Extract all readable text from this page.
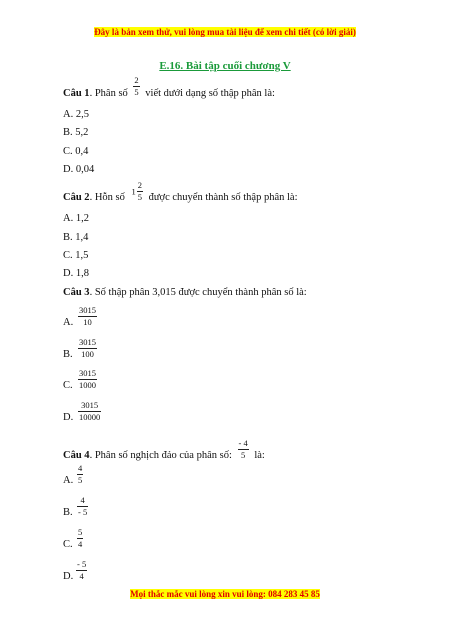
Đây là bản xem thử, vui lòng mua tài liệu để xem chi tiết (có lời giải)
E.16. Bài tập cuối chương V
Câu 1. Phân số $\frac{2}{5}$ viết dưới dạng số thập phân là:
A. 2,5
B. 5,2
C. 0,4
D. 0,04
Câu 2. Hỗn số $1 \frac{2}{5}$ được chuyển thành số thập phân là:
A. 1,2
B. 1,4
C. 1,5
D. 1,8
Câu 3. Số thập phân 3,015 được chuyển thành phân số là:
$\frac{3015}{10}$
A.
$\frac{3015}{100}$
B.
$\frac{3015}{1000}$
C.
$\frac{3015}{10000}$
D.
Câu 4. Phân số nghịch đảo của phân số: $\frac{- 4}{5}$ là:
$\frac{4}{5}$
A.
$\frac{4}{- 5}$
B.
$\frac{5}{4}$
C.
$\frac{- 5}{4}$
D.
Mọi thắc mắc vui lòng xin vui lòng: 084 283 45 85
